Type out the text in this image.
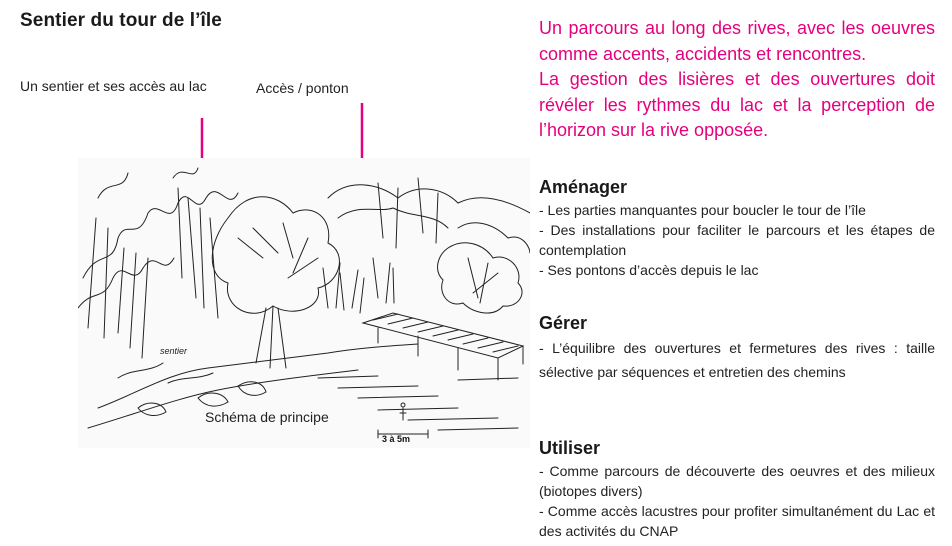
Sentier du tour de l’île
Un sentier et ses accès au lac	Accès / ponton
sentier
Schéma de principe
3 à 5m

Un parcours au long des rives, avec les oeuvres comme accents, accidents et rencontres.

La gestion des lisières et des ouvertures doit révéler les rythmes du lac et la perception de l’horizon sur la rive opposée.

Aménager
- Les parties manquantes pour boucler le tour de l’île
- Des installations pour faciliter le parcours et les étapes de contemplation
- Ses pontons d’accès depuis le lac
Gérer
- L’équilibre des ouvertures et fermetures des rives : taille sélective par séquences et entretien des chemins
Utiliser
- Comme parcours de découverte des oeuvres et des milieux (biotopes divers)
- Comme accès lacustres pour profiter simultanément du Lac et des activités du CNAP
